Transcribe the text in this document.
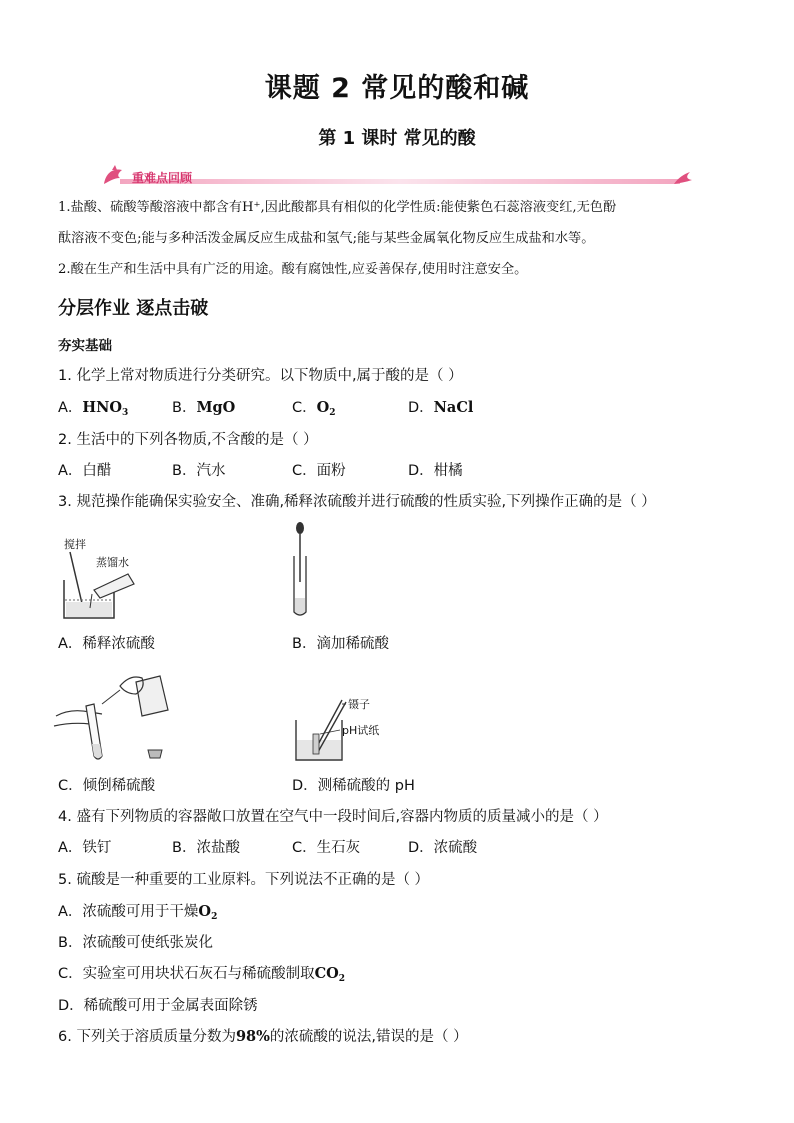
课题 2 常见的酸和碱
第 1 课时 常见的酸
重难点回顾
1.盐酸、硫酸等酸溶液中都含有H⁺,因此酸都具有相似的化学性质:能使紫色石蕊溶液变红,无色酚
酞溶液不变色;能与多种活泼金属反应生成盐和氢气;能与某些金属氧化物反应生成盐和水等。
2.酸在生产和生活中具有广泛的用途。酸有腐蚀性,应妥善保存,使用时注意安全。
分层作业 逐点击破
夯实基础
1. 化学上常对物质进行分类研究。以下物质中,属于酸的是（ ）
A．$HNO_3$	B．MgO	C．$O_2$	D．NaCl
2. 生活中的下列各物质,不含酸的是（ ）
A．白醋	B．汽水	C．面粉	D．柑橘
3. 规范操作能确保实验安全、准确,稀释浓硫酸并进行硫酸的性质实验,下列操作正确的是（ ）
搅拌
蒸馏水
A．稀释浓硫酸	B．滴加稀硫酸
镊子
pH试纸
C．倾倒稀硫酸	D．测稀硫酸的 pH
4. 盛有下列物质的容器敞口放置在空气中一段时间后,容器内物质的质量减小的是（ ）
A．铁钉	B．浓盐酸	C．生石灰	D．浓硫酸
5. 硫酸是一种重要的工业原料。下列说法不正确的是（ ）
A．浓硫酸可用于干燥$O_2$
B．浓硫酸可使纸张炭化
C．实验室可用块状石灰石与稀硫酸制取$CO_2$
D．稀硫酸可用于金属表面除锈
6. 下列关于溶质质量分数为98%的浓硫酸的说法,错误的是（ ）
